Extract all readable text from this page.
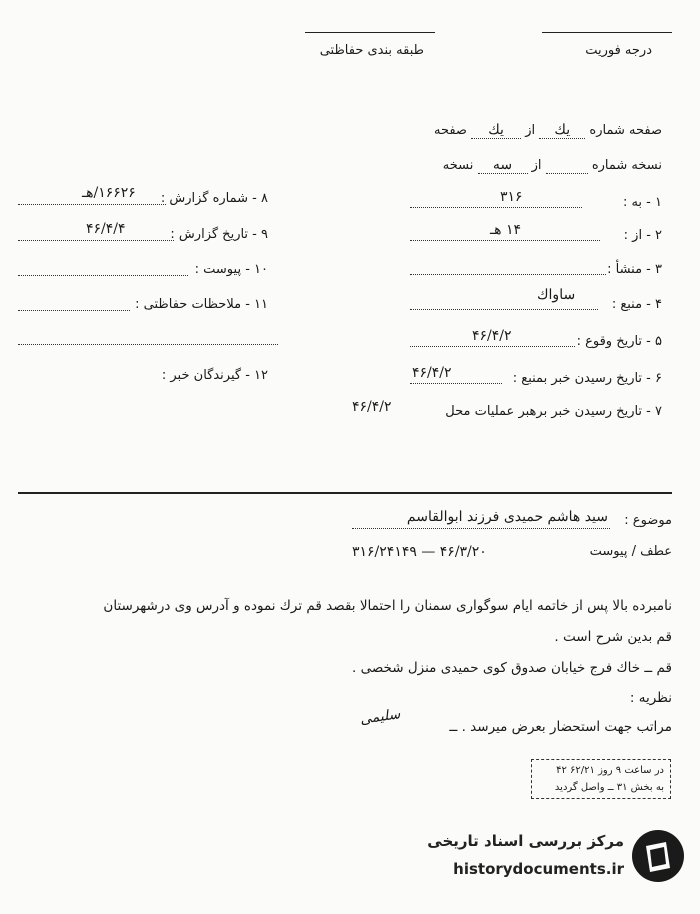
درجه فوریت
طبقه بندی حفاظتی
صفحه شماره یك از یك صفحه
نسخه شماره   از سه نسخه
۱ - به :
۳۱۶
۲ - از :
۱۴ هـ
۳ - منشأ :
۴ - منبع :
ساواك
۵ - تاریخ وقوع :
۴۶/۴/۲
۶ - تاریخ رسیدن خبر بمنبع :
۴۶/۴/۲
۷ - تاریخ رسیدن خبر برهبر عملیات محل
۴۶/۴/۲
۸ - شماره گزارش :
۱۶۶۲۶/هـ
۹ - تاریخ گزارش :
۴۶/۴/۴
۱۰ - پیوست :
۱۱ - ملاحظات حفاظتی :
۱۲ - گیرندگان خبر :
موضوع :
سید هاشم حمیدی فرزند ابوالقاسم
عطف / پیوست
۴۶/۳/۲۰ — ۳۱۶/۲۴۱۴۹
نامبرده بالا پس از خاتمه ایام سوگواری سمنان را احتمالا بقصد قم ترك نموده و آدرس وی درشهرستان
قم بدین شرح است .
قم ــ خاك فرج خیابان صدوق كوی حمیدی منزل شخصی .
نظریه :
مراتب جهت استحضار بعرض میرسد . ــ
سلیمی
در ساعت ۹ روز ۶۲/۲۱ ۴۲
به بخش ۳۱ ــ واصل گردید
مرکز بررسی اسناد تاریخی
historydocuments.ir
